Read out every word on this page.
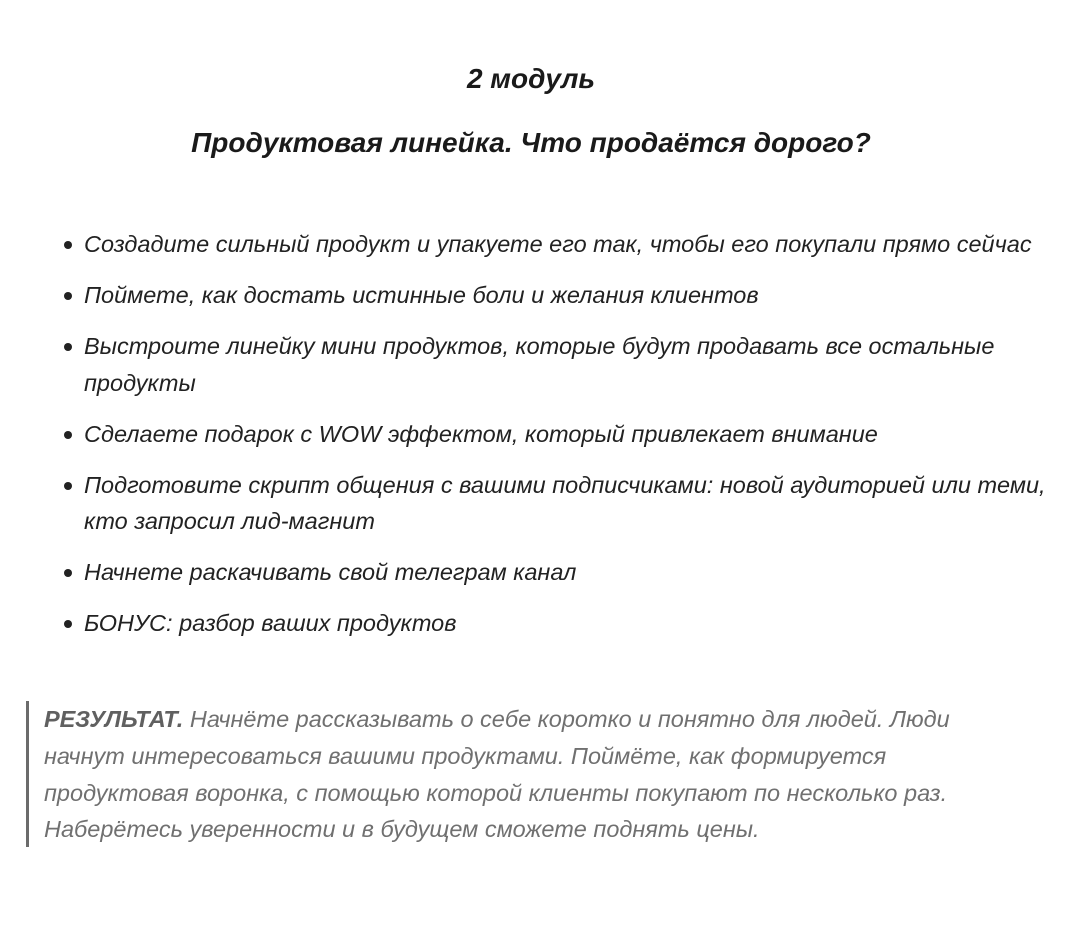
2 модуль
Продуктовая линейка. Что продаётся дорого?
Создадите сильный продукт и упакуете его так, чтобы его покупали прямо сейчас
Поймете, как достать истинные боли и желания клиентов
Выстроите линейку мини продуктов, которые будут продавать все остальные продукты
Сделаете подарок с WOW эффектом, который привлекает внимание
Подготовите скрипт общения с вашими подписчиками: новой аудиторией или теми, кто запросил лид-магнит
Начнете раскачивать свой телеграм канал
БОНУС: разбор ваших продуктов
РЕЗУЛЬТАТ. Начнёте рассказывать о себе коротко и понятно для людей. Люди начнут интересоваться вашими продуктами. Поймёте, как формируется продуктовая воронка, с помощью которой клиенты покупают по несколько раз. Наберётесь уверенности и в будущем сможете поднять цены.
